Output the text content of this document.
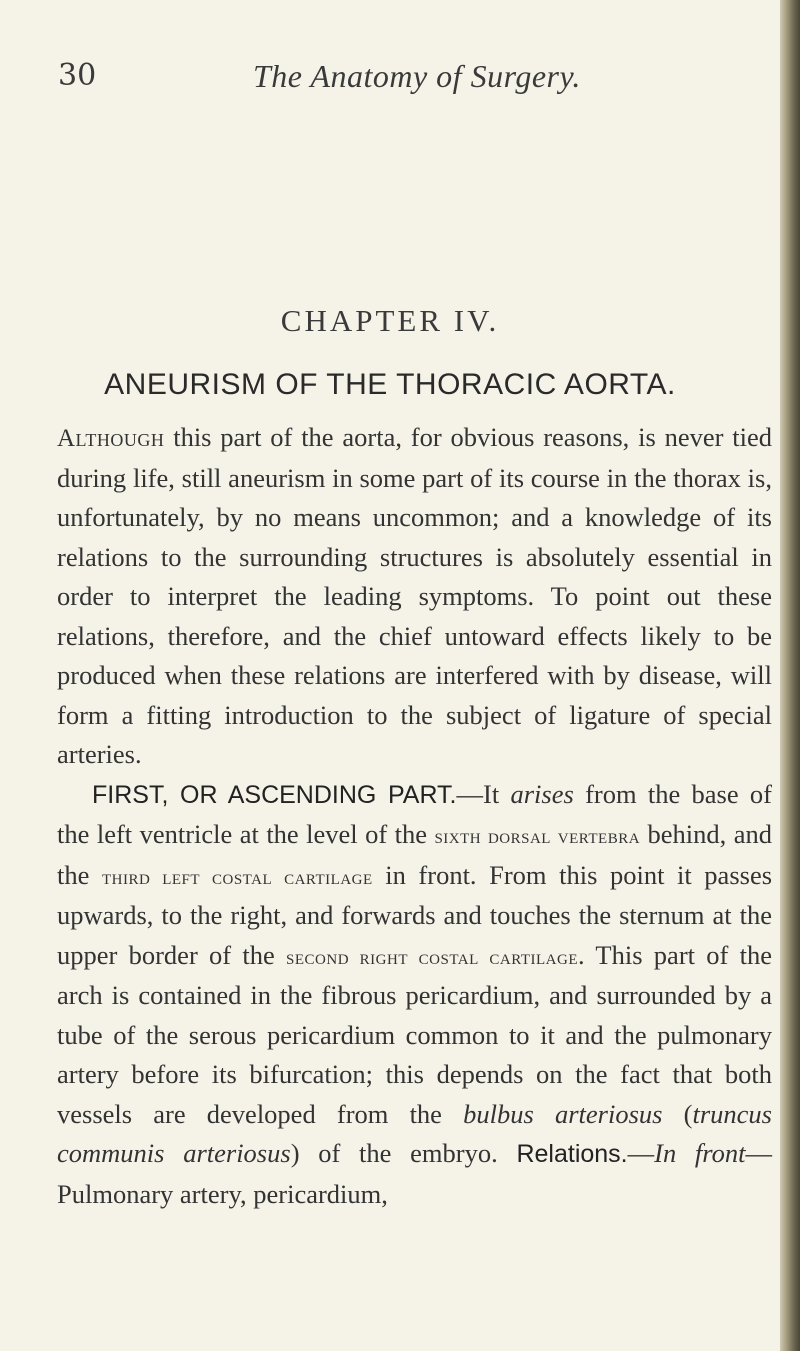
30	The Anatomy of Surgery.
CHAPTER IV.
ANEURISM OF THE THORACIC AORTA.

Although this part of the aorta, for obvious reasons, is never tied during life, still aneurism in some part of its course in the thorax is, unfortunately, by no means uncommon; and a knowledge of its relations to the surrounding structures is absolutely essential in order to interpret the leading symptoms. To point out these relations, therefore, and the chief untoward effects likely to be produced when these relations are interfered with by disease, will form a fitting introduction to the subject of ligature of special arteries.

FIRST, OR ASCENDING PART.—It arises from the base of the left ventricle at the level of the sixth dorsal vertebra behind, and the third left costal cartilage in front. From this point it passes upwards, to the right, and forwards and touches the sternum at the upper border of the second right costal cartilage. This part of the arch is contained in the fibrous pericardium, and surrounded by a tube of the serous pericardium common to it and the pulmonary artery before its bifurcation; this depends on the fact that both vessels are developed from the bulbus arteriosus (truncus communis arteriosus) of the embryo. Relations.—In front—Pulmonary artery, pericardium,
